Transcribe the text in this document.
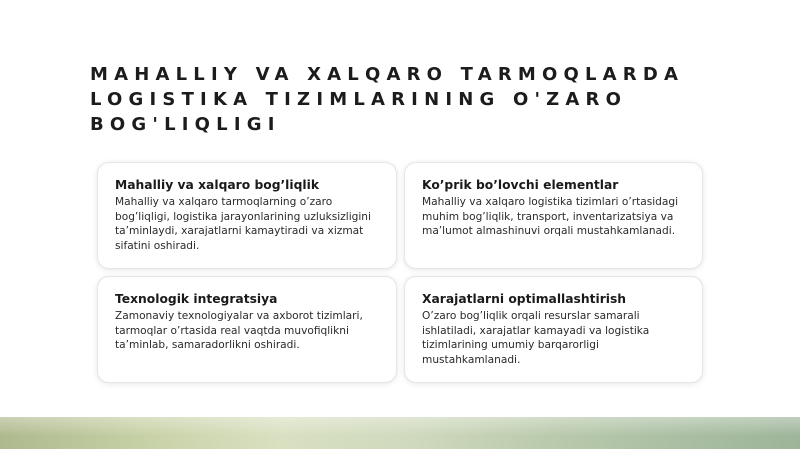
MAHALLIY VA XALQARO TARMOQLARDA LOGISTIKA TIZIMLARINING O'ZARO BOG'LIQLIGI
Mahalliy va xalqaro bog’liqlik

Mahalliy va xalqaro tarmoqlarning o’zaro bog’liqligi, logistika jarayonlarining uzluksizligini ta’minlaydi, xarajatlarni kamaytiradi va xizmat sifatini oshiradi.

Ko’prik bo’lovchi elementlar

Mahalliy va xalqaro logistika tizimlari o’rtasidagi muhim bog’liqlik, transport, inventarizatsiya va ma’lumot almashinuvi orqali mustahkamlanadi.

Texnologik integratsiya

Zamonaviy texnologiyalar va axborot tizimlari, tarmoqlar o’rtasida real vaqtda muvofiqlikni ta’minlab, samaradorlikni oshiradi.

Xarajatlarni optimallashtirish

O’zaro bog’liqlik orqali resurslar samarali ishlatiladi, xarajatlar kamayadi va logistika tizimlarining umumiy barqarorligi mustahkamlanadi.
